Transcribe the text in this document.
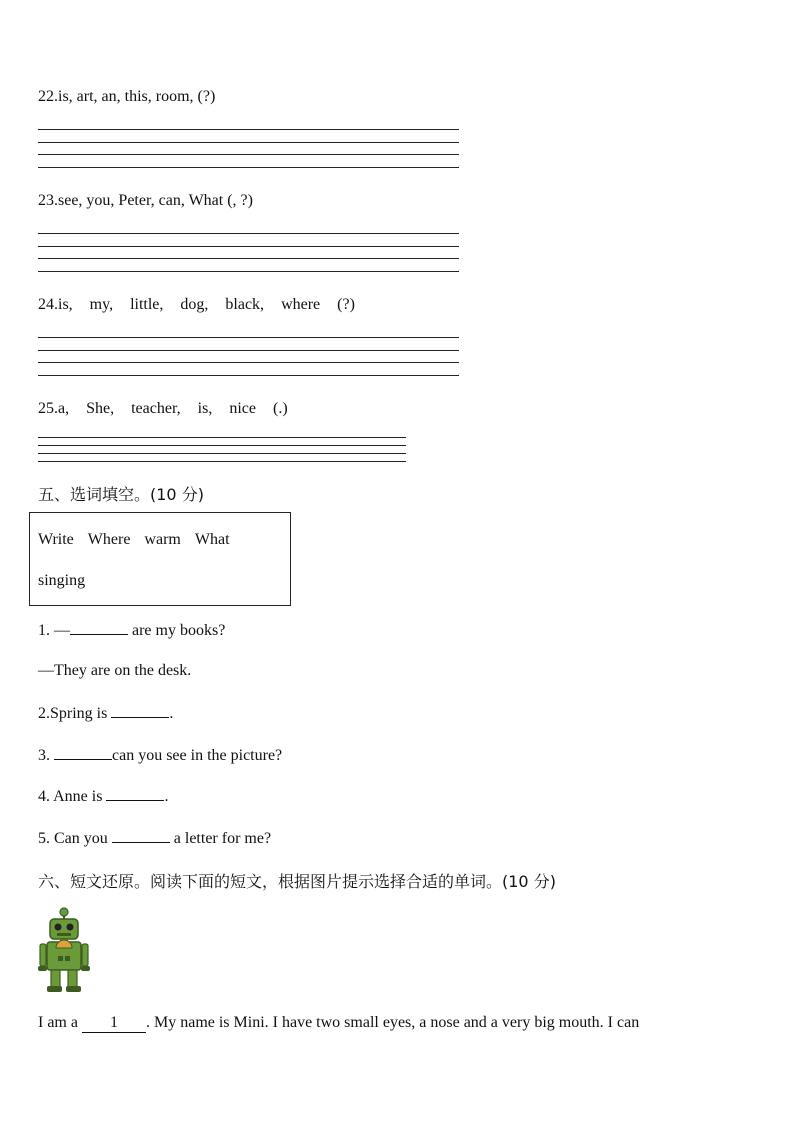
22.is, art, an, this, room, (?)
23.see, you, Peter, can, What (, ?)
24.is, my, little, dog, black, where (?)
25.a, She, teacher, is, nice (.)
五、选词填空。(10 分)
Write Where warm What
singing
1. —	are my books?
—They are on the desk.
2.Spring is	.
3.	can you see in the picture?
4. Anne is	.
5. Can you	a letter for me?
六、短文还原。阅读下面的短文，根据图片提示选择合适的单词。(10 分)
I am a 1 . My name is Mini. I have two small eyes, a nose and a very big mouth. I can
